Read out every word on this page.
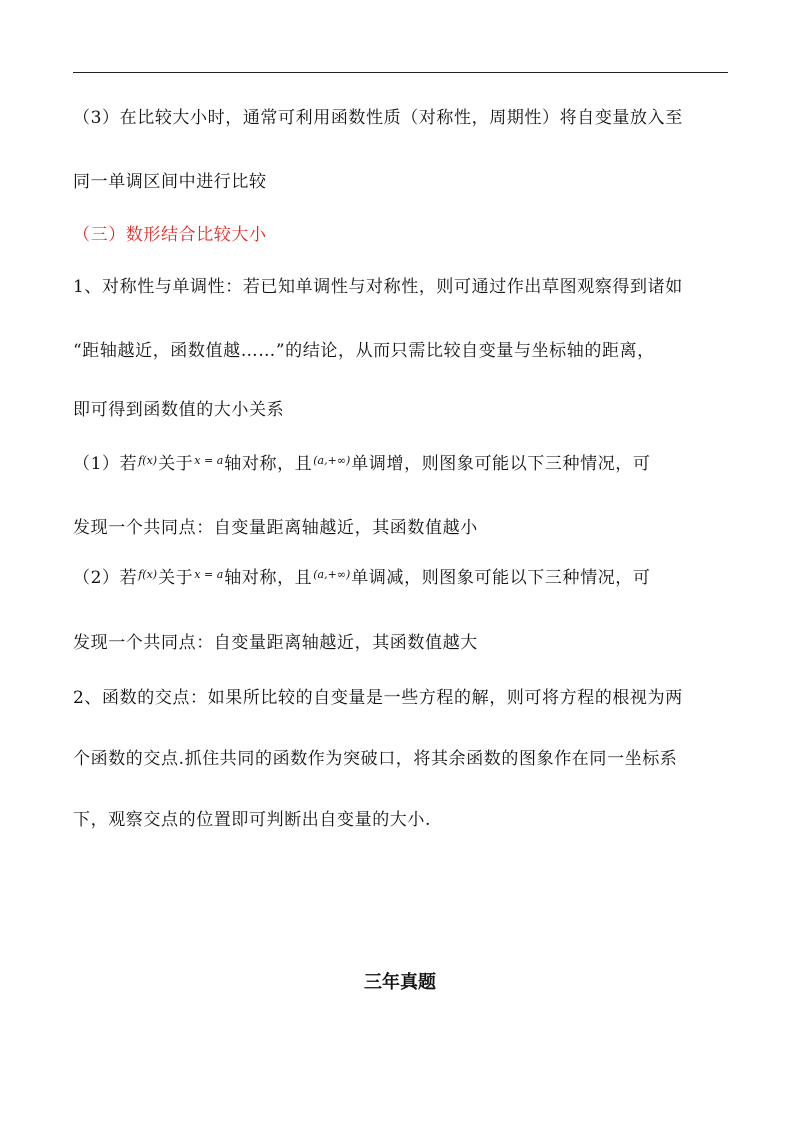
（3）在比较大小时，通常可利用函数性质（对称性，周期性）将自变量放入至
同一单调区间中进行比较
（三）数形结合比较大小
1、对称性与单调性：若已知单调性与对称性，则可通过作出草图观察得到诸如
“距轴越近，函数值越……”的结论，从而只需比较自变量与坐标轴的距离，
即可得到函数值的大小关系
（1）若$^{f(x)}$关于$^{x = a}$轴对称，且$^{(a,+\infty)}$单调增，则图象可能以下三种情况，可
发现一个共同点：自变量距离轴越近，其函数值越小
（2）若$^{f(x)}$关于$^{x = a}$轴对称，且$^{(a,+\infty)}$单调减，则图象可能以下三种情况，可
发现一个共同点：自变量距离轴越近，其函数值越大
2、函数的交点：如果所比较的自变量是一些方程的解，则可将方程的根视为两
个函数的交点.抓住共同的函数作为突破口，将其余函数的图象作在同一坐标系
下，观察交点的位置即可判断出自变量的大小.
三年真题
